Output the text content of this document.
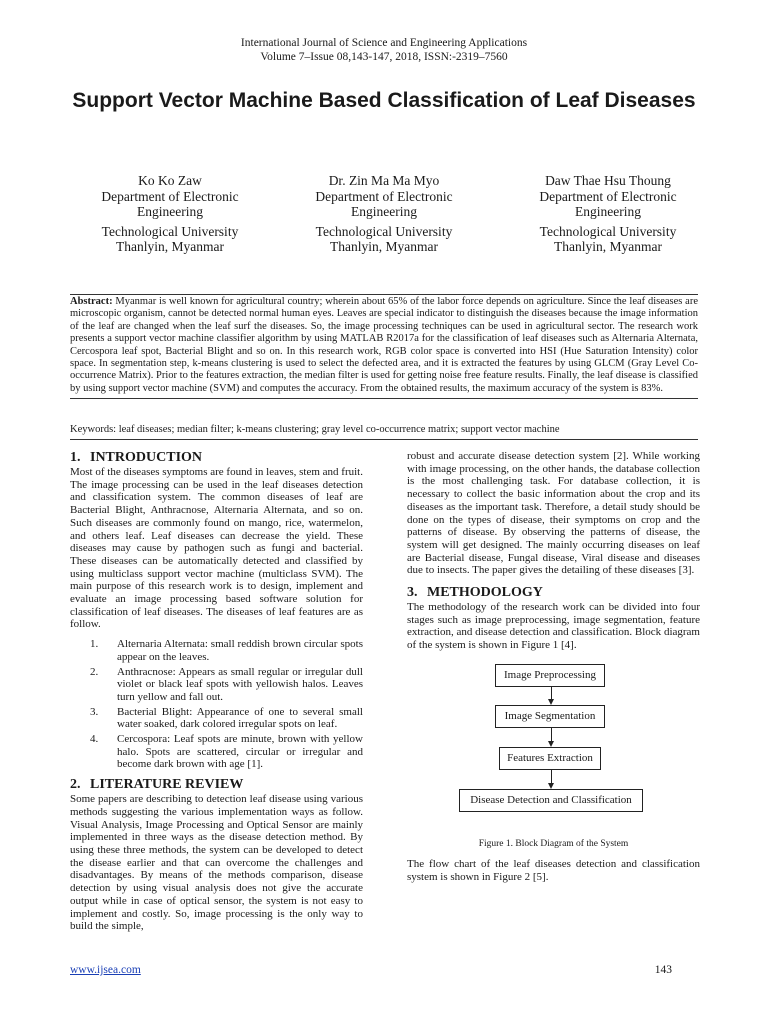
International Journal of Science and Engineering Applications
Volume 7–Issue 08,143-147, 2018, ISSN:-2319–7560
Support Vector Machine Based Classification of Leaf Diseases
Ko Ko Zaw
Department of Electronic Engineering
Technological University
Thanlyin, Myanmar
Dr. Zin Ma Ma Myo
Department of Electronic Engineering
Technological University
Thanlyin, Myanmar
Daw Thae Hsu Thoung
Department of Electronic Engineering
Technological University
Thanlyin, Myanmar
Abstract: Myanmar is well known for agricultural country; wherein about 65% of the labor force depends on agriculture. Since the leaf diseases are microscopic organism, cannot be detected normal human eyes. Leaves are special indicator to distinguish the diseases because the image information of the leaf are changed when the leaf surf the diseases. So, the image processing techniques can be used in agricultural sector. The research work presents a support vector machine classifier algorithm by using MATLAB R2017a for the classification of leaf diseases such as Alternaria Alternata, Cercospora leaf spot, Bacterial Blight and so on. In this research work, RGB color space is converted into HSI (Hue Saturation Intensity) color space. In segmentation step, k-means clustering is used to select the defected area, and it is extracted the features by using GLCM (Gray Level Co-occurrence Matrix). Prior to the features extraction, the median filter is used for getting noise free feature results. Finally, the leaf disease is classified by using support vector machine (SVM) and computes the accuracy. From the obtained results, the maximum accuracy of the system is 83%.
Keywords: leaf diseases; median filter; k-means clustering; gray level co-occurrence matrix; support vector machine
1. INTRODUCTION

Most of the diseases symptoms are found in leaves, stem and fruit. The image processing can be used in the leaf diseases detection and classification system. The common diseases of leaf are Bacterial Blight, Anthracnose, Alternaria Alternata, and so on. Such diseases are commonly found on mango, rice, watermelon, and others leaf. Leaf diseases can decrease the yield. These diseases may cause by pathogen such as fungi and bacterial. These diseases can be automatically detected and classified by using multiclass support vector machine (multiclass SVM). The main purpose of this research work is to design, implement and evaluate an image processing based software solution for classification of leaf diseases. The diseases of leaf features are as follow.

1. Alternaria Alternata: small reddish brown circular spots appear on the leaves.
2. Anthracnose: Appears as small regular or irregular dull violet or black leaf spots with yellowish halos. Leaves turn yellow and fall out.
3. Bacterial Blight: Appearance of one to several small water soaked, dark colored irregular spots on leaf.
4. Cercospora: Leaf spots are minute, brown with yellow halo. Spots are scattered, circular or irregular and become dark brown with age [1].
2. LITERATURE REVIEW

Some papers are describing to detection leaf disease using various methods suggesting the various implementation ways as follow. Visual Analysis, Image Processing and Optical Sensor are mainly implemented in three ways as the disease detection method. By using these three methods, the system can be developed to detect the disease earlier and that can overcome the challenges and disadvantages. By means of the methods comparison, disease detection by using visual analysis does not give the accurate output while in case of optical sensor, the system is not easy to implement and costly. So, image processing is the only way to build the simple,

robust and accurate disease detection system [2]. While working with image processing, on the other hands, the database collection is the most challenging task. For database collection, it is necessary to collect the basic information about the crop and its diseases as the important task. Therefore, a detail study should be done on the types of disease, their symptoms on crop and the patterns of disease. By observing the patterns of disease, the system will get designed. The mainly occurring diseases on leaf are Bacterial disease, Fungal disease, Viral disease and diseases due to insects. The paper gives the detailing of these diseases [3].

3. METHODOLOGY

The methodology of the research work can be divided into four stages such as image preprocessing, image segmentation, feature extraction, and disease detection and classification. Block diagram of the system is shown in Figure 1 [4].

Image Preprocessing
Image Segmentation
Features Extraction
Disease Detection and Classification
Figure 1. Block Diagram of the System

The flow chart of the leaf diseases detection and classification system is shown in Figure 2 [5].

www.ijsea.com	143
